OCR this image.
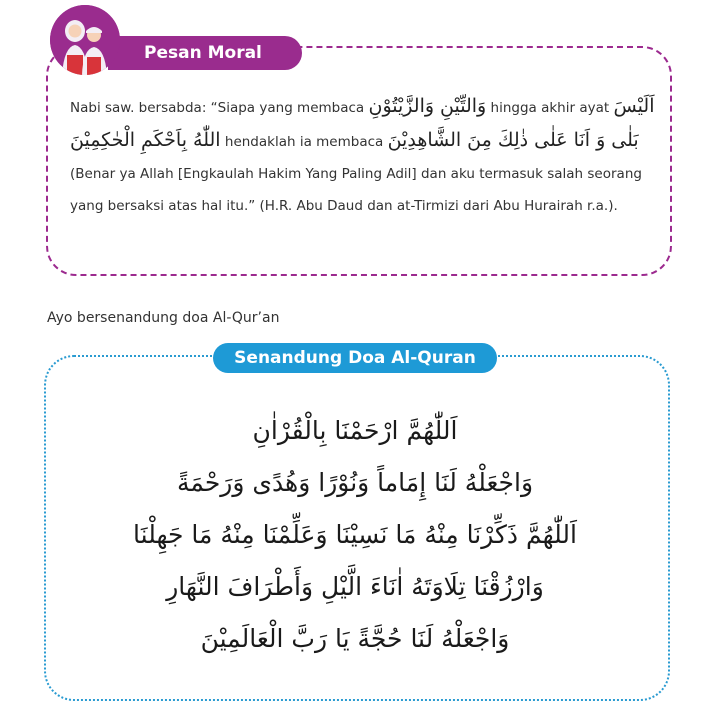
Pesan Moral
Nabi saw. bersabda: “Siapa yang membaca وَالتِّيْنِ وَالزَّيْتُوْنِ hingga akhir ayat اَلَيْسَ اللّٰهُ بِاَحْكَمِ الْحٰكِمِيْنَ hendaklah ia membaca بَلٰى وَ اَنَا عَلٰى ذٰلِكَ مِنَ الشَّاهِدِيْنَ (Benar ya Allah [Engkaulah Hakim Yang Paling Adil] dan aku termasuk salah seorang yang bersaksi atas hal itu.” (H.R. Abu Daud dan at-Tirmizi dari Abu Hurairah r.a.).
Ayo bersenandung doa Al-Qur’an
Senandung Doa Al-Quran
اَللّٰهُمَّ ارْحَمْنَا بِالْقُرْاٰنِ
وَاجْعَلْهُ لَنَا إِمَاماً وَنُوْرًا وَهُدًى وَرَحْمَةً
اَللّٰهُمَّ ذَكِّرْنَا مِنْهُ مَا نَسِيْنَا وَعَلِّمْنَا مِنْهُ مَا جَهِلْنَا
وَارْزُقْنَا تِلَاوَتَهُ اٰنَاءَ الَّيْلِ وَأَطْرَافَ النَّهَارِ
وَاجْعَلْهُ لَنَا حُجَّةً يَا رَبَّ الْعَالَمِيْنَ
